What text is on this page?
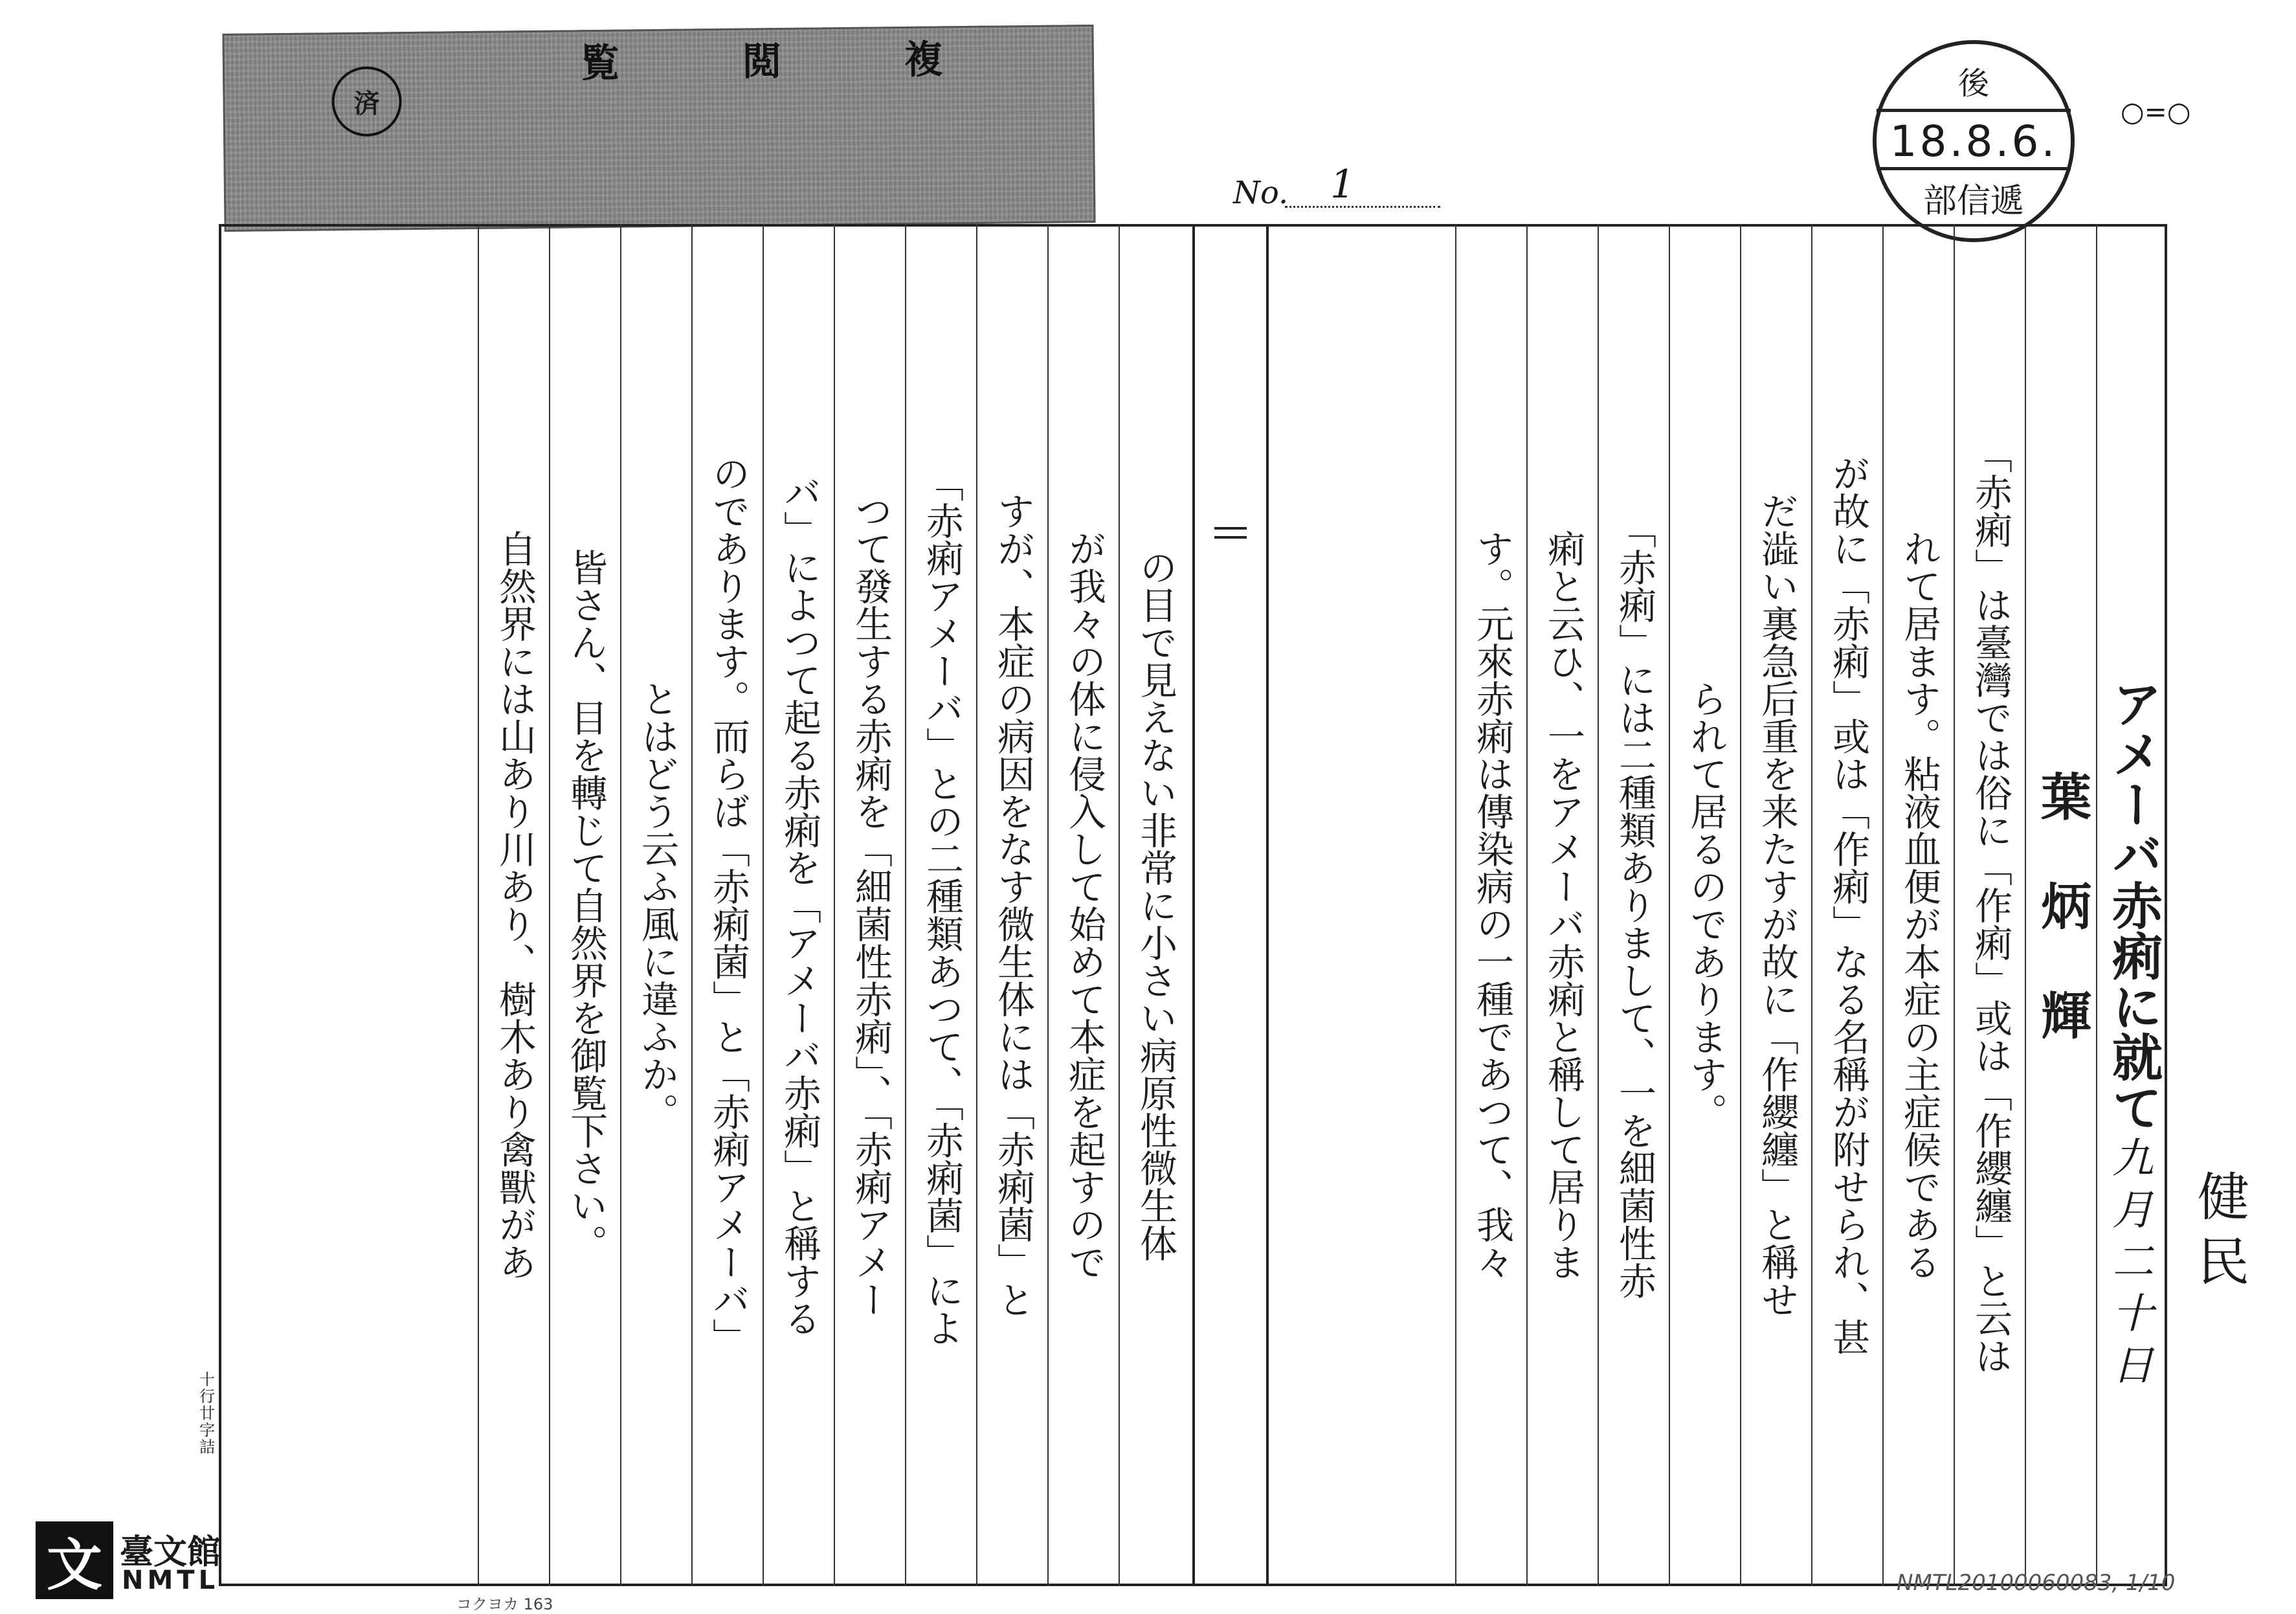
済
複
閲
覧	後
18.8.6.
部信遞
○=○
No. 1
アメーバ赤痢に就て
葉 炳 輝
「赤痢」は臺灣では俗に「作痢」或は「作纓纏」と云は
れて居ます。粘液血便が本症の主症候である
が故に「赤痢」或は「作痢」なる名稱が附せられ、甚
だ澁い裏急后重を来たすが故に「作纓纏」と稱せ
られて居るのであります。
「赤痢」には二種類ありまして、一を細菌性赤
痢と云ひ、一をアメーバ赤痢と稱して居りま
す。元來赤痢は傳染病の一種であつて、我々
の目で見えない非常に小さい病原性微生体
が我々の体に侵入して始めて本症を起すので
すが、本症の病因をなす微生体には「赤痢菌」と
「赤痢アメーバ」との二種類あつて、「赤痢菌」によ
つて發生する赤痢を「細菌性赤痢」、「赤痢アメー
バ」によつて起る赤痢を「アメーバ赤痢」と稱する
のであります。而らば「赤痢菌」と「赤痢アメーバ」
とはどう云ふ風に違ふか。
皆さん、目を轉じて自然界を御覧下さい。
自然界には山あり川あり、樹木あり禽獸があ
十行 廿字詰
コクヨカ 163
文 臺文館
NMTL	NMTL20100060083, 1/10
九月二十日
健民
